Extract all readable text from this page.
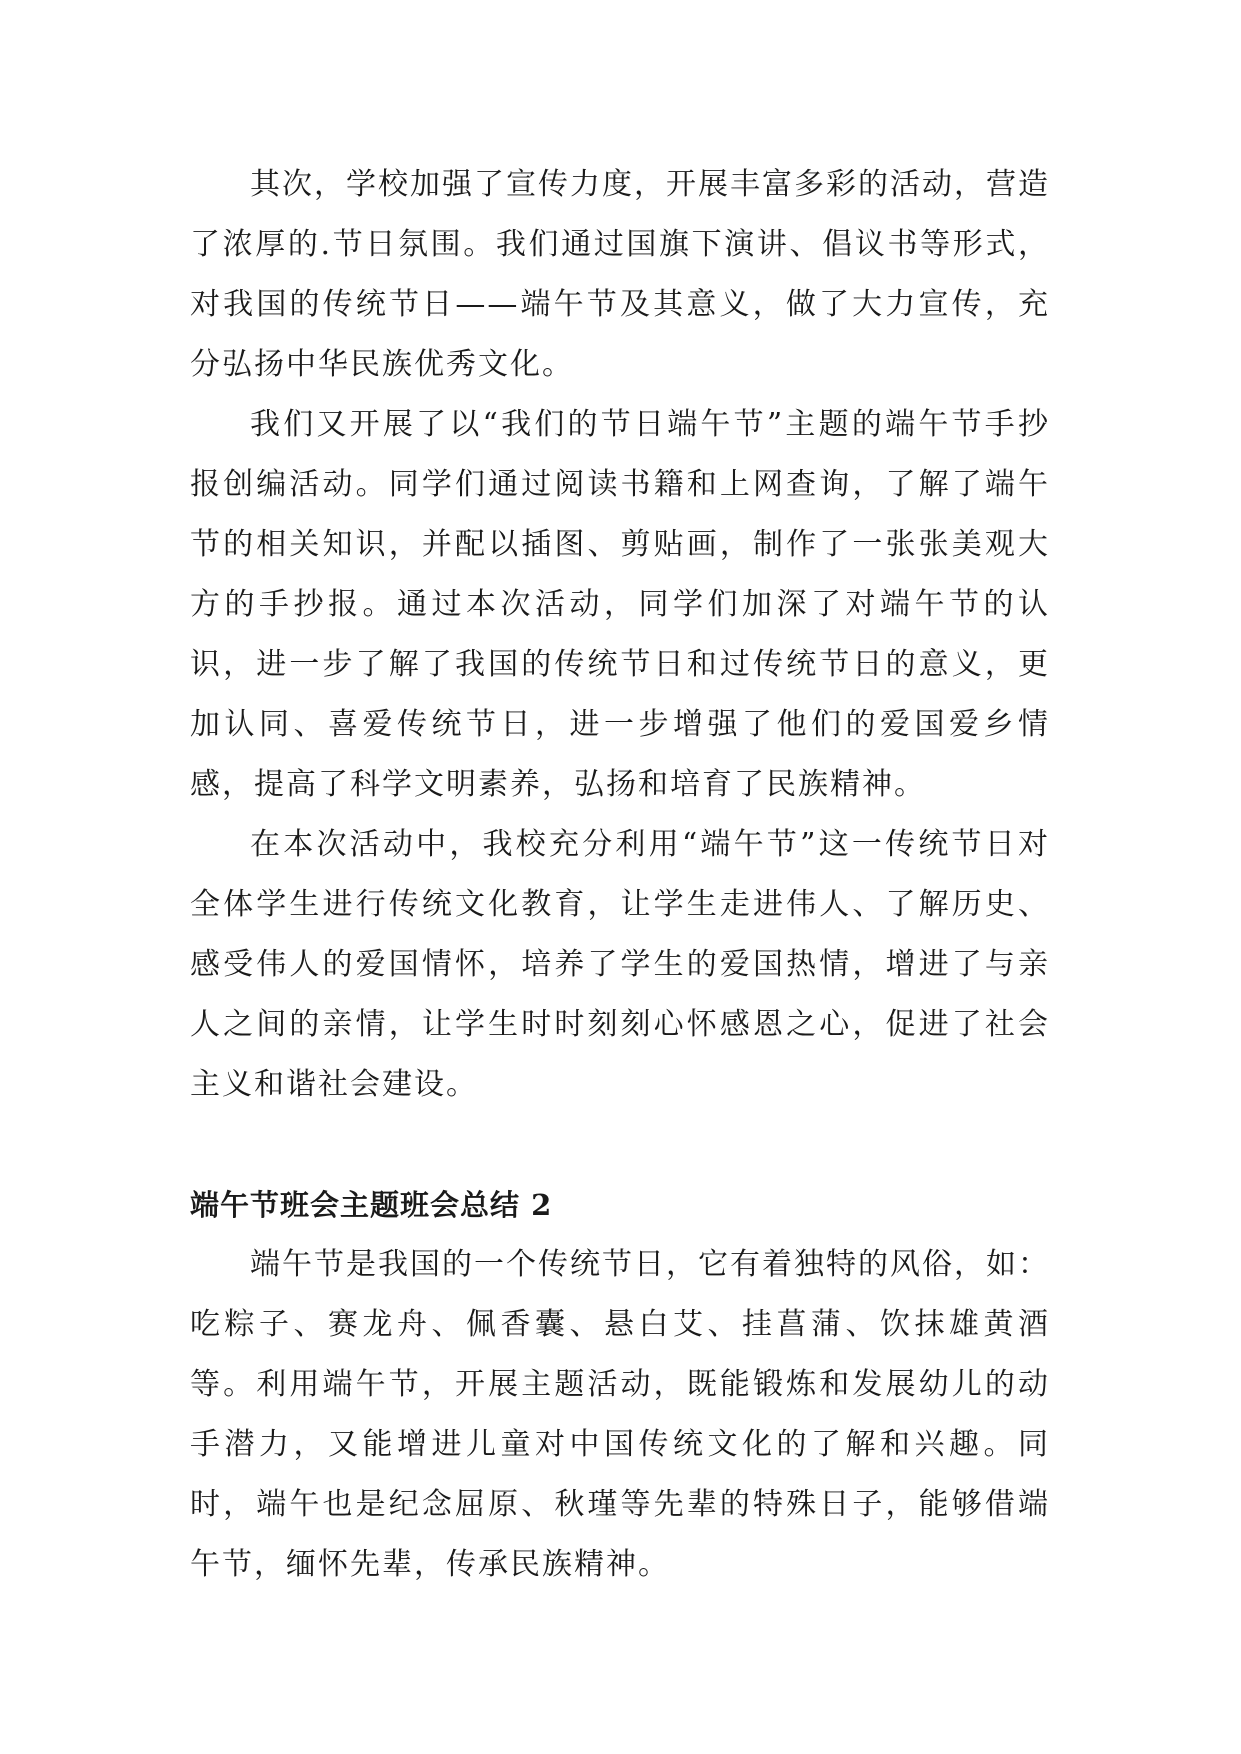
其次，学校加强了宣传力度，开展丰富多彩的活动，营造了浓厚的.节日氛围。我们通过国旗下演讲、倡议书等形式，对我国的传统节日——端午节及其意义，做了大力宣传，充分弘扬中华民族优秀文化。

我们又开展了以“我们的节日端午节”主题的端午节手抄报创编活动。同学们通过阅读书籍和上网查询，了解了端午节的相关知识，并配以插图、剪贴画，制作了一张张美观大方的手抄报。通过本次活动，同学们加深了对端午节的认识，进一步了解了我国的传统节日和过传统节日的意义，更加认同、喜爱传统节日，进一步增强了他们的爱国爱乡情感，提高了科学文明素养，弘扬和培育了民族精神。

在本次活动中，我校充分利用“端午节”这一传统节日对全体学生进行传统文化教育，让学生走进伟人、了解历史、感受伟人的爱国情怀，培养了学生的爱国热情，增进了与亲人之间的亲情，让学生时时刻刻心怀感恩之心，促进了社会主义和谐社会建设。

端午节班会主题班会总结 2

端午节是我国的一个传统节日，它有着独特的风俗，如：吃粽子、赛龙舟、佩香囊、悬白艾、挂菖蒲、饮抹雄黄酒等。利用端午节，开展主题活动，既能锻炼和发展幼儿的动手潜力，又能增进儿童对中国传统文化的了解和兴趣。同时，端午也是纪念屈原、秋瑾等先辈的特殊日子，能够借端午节，缅怀先辈，传承民族精神。
